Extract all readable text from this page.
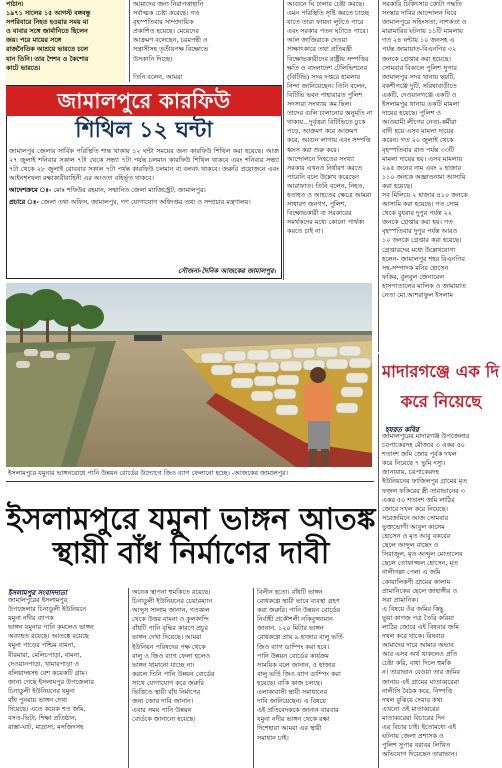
পাঠান।
১৯৭১ সালের ১৫ আগস্ট বঙ্গবন্ধু
সপরিবারে নিহত হওয়ার সময় মা
ও বাবার সঙ্গে জার্মানিতে ছিলেন
জয়। পরে মায়ের সঙ্গে
রাজনৈতিক আশ্রয়ে ভারতে চলে
যান তিনি। তার শৈশব ও কৈশোর
কাটে ভারতে।
আমাদের জন্য নিরাপত্তাহানি
সর্বাত্মক চেষ্টা করেছে। গত
বৃহস্পতিবার সাম্প্রদায়িক
প্রকাশিত হয়েছে। মেয়েদের
আক্রমণ বলেছেন, চরমপন্থী ও
সন্ত্রাসীসহ তৃতীয়পক্ষ বিক্ষোভে
উসকানি দিচ্ছে।

তিনি বলেন, আমরা
জামালপুরে কারফিউ
শিথিল ১২ ঘন্টা

জামালপুর জেলার সার্বিক পরিস্থিতি শান্ত থাকায় ১২ ঘন্টা সময়ের জন্য কারফিউ শিথিল করা হয়েছে। আজ ২৭ জুলাই শনিবার সকাল ৭টা থেকে সন্ধ্যা ৭টা পর্যন্ত চলমান কারফিউ শিথিল থাকবে এবং শনিবার সন্ধ্যা ৭টা থেকে ২৮ জুলাই রোববার সকাল ৭টা পর্যন্ত কারফিউ চলমান বা বলবৎ থাকবে। জরুরি প্রয়োজনে এবং আইনশৃংখলা রক্ষাকারীবাহিনী এর আওতা বহির্ভূত থাকবে।

আদেশক্রমে ঃ- মোঃ শফিউর রহমান, সম্মানিত জেলা ম্যাজিস্ট্রেট, জামালপুর।

প্রচারে ঃ- জেলা তথ্য অফিস, জামালপুর, গণ যোগাযোগ অধিদপ্তর তথ্য ও সম্প্রচার মন্ত্রণালয়।

সৌজন্য-দৈনিক আজকের জামালপুর।
আগুনে ঘি ঢালার চেষ্টা করছে।
এমন পরিস্থিতি সৃষ্টি করতে চাচ্ছে
যাতে তারা ফায়দা লুটতে পারে
এবং সরকার পতন ঘটাতে পারে।
আল জাজিরাকে দেওয়া
সাক্ষাৎকারে তথ্য প্রতিমন্ত্রী
বিক্ষোভকারীদের রাষ্ট্রীয় সম্পত্তির
ক্ষতি ও বাংলাদেশ টেলিভিশনের
(বিটিভি) সদর দপ্তরে হামলার
নিন্দা জানিয়েছেন। তিনি বলেন,
বিটিভি ভবন পাহারারত পুলিশ
সদস্যরা সংখ্যায় কম ছিল।
তাদের গুলি চালানোর অনুমতি না
থাকায়...দুর্বৃত্তরা বিটিভিতে ঢুকে
পড়ে, আক্রমণ করে আক্রমণ
করে, আগুন লাগায় এবং সম্পত্তি
ধ্বংস করা শুরু করে।
আন্দোলনে নিহতের সংখ্যা
সরকার এখনও নির্ধারণ করতে
পারেনি বলে উল্লেখ করেছেন
আরাফাত। তিনি বলেন, নিহত,
হতাহত ও আহতের ক্ষেত্রে আমরা
সাধারণ জনগণ, পুলিশ,
বিক্ষোভকারী বা সরকারের
সমর্থকদের মধ্যে কোনো পার্থক্য
করতে চাই না।
সরকারি চিকিৎসার কোটা পদ্ধতি
সংস্কার দাবির আন্দোলন ঘিরে
জামালপুরে সহিংসতা, নাশকতা ও
মারামারির ঘটনায় ১১টি মামলায়
গত ২৪ ঘন্টায় ১০ জনসহ এ
পর্যন্ত জামায়াত-বিএনপির ৩২
জনকে গ্রেপ্তার করা হয়েছে।
সোমবার বিকালে পুলিশ সুপার
জামালপুর সদর থানায় ছয়টি,
বকশীগঞ্জে দুটি, সরিষাবাড়ীতে
একটি, দেওয়ানগঞ্জে একটি ও
ইসলামপুর থানায় একটি মামলা
দায়ের হয়েছে। পুলিশ ও
আওয়ামী লীগের নেতা-কর্মীরা
বাদী হয়ে এসব মামলা দায়ের
করেন। গত ২০ জুলাই থেকে
বৃহস্পতিবার রাত পর্যন্ত ৩৩টি
মামলা দায়ের হয়। এসব মামলায়
২৯৫ জনের নাম এবং ২ হাজার
১১০ জনকে অজ্ঞাতনামা আসামি
করা হয়েছে।
সব মিলিয়ে ২ হাজার ৪১০ জনকে
আসামি করা হয়েছে। গত সোম
থেকে বুধবার দুপুর পর্যন্ত ২২
জনকে গ্রেপ্তার করা হয়। গত
বৃহস্পতিবার দুপুর পর্যন্ত আরও
১০ জনকে গ্রেপ্তার করা হয়েছে।
গ্রেপ্তারদের মধ্যে উল্লেখযোগ্য
হলেন- জামালপুর শহর বিএনপির
সহ-সম্পাদক মনির হোসেন
ফকির, বুলবুল জেনারেল
হাসপাতালের মালিক ও জামায়াত
নেতা মো.আশরাফুল ইসলাম
ইসলামপুরে যমুনার ভাঙ্গনরোধে পানি উন্নয়ন বোর্ডের উদ্যোগে জিও ব্যাগ ফেলানো হচ্ছে। -আজকের জামালপুর।
মাদারগঞ্জে এক দি
করে নিয়েছে
হযরত কবির
জামালপুরের মাদারগঞ্জ উপজেলার
চরপাকেরদহ মৌজার ৩ একর ৫০
শতাংশ জমি জোর পূর্বক দখল
করে নিয়েছে ৭ ভুমি দস্যু।
জানাযায়, চরপাকেরদহ
ইউনিয়নের ফাজিলপুর গ্রামের মৃত
ফজল ফকিরের স্ত্রী তারাভানের ৩
একর ৫০ শতাংশ জমি লাঠির
জোরে দখল করে নিয়েছে।
সরেজমিনে আজ সোমবার
ভুক্তভোগী আবুল কাসেম
হোসেন ও মৃত আবু বকরের
ছেলে আব্দুল বাছেদ ও
সিরাজুল, মৃত আব্দুল মোতালেব
ছেলে তোফাজ্জল হোসেন, মৃত
নালীগল্লা পেলা এ জমি
কোয়ালিকণী গ্রামের কালাম
প্রামানিকের ছেলে জাহাঙ্গীর ও
সবা প্রামানিক।
এ বিষয়ে ওঁর জমির কিছু
ভুয়া কাগজ পত্র তৈরি করিয়া
লাঠির জোরে এই বিষবার জমি
দখল করে থাকে। বিষবার
আমাদের দারে আমার অভাব
আর এসব অর্থ থাকলেও প্রতি
চেষ্টা করি, বাধা দিলে হুমকি
ন। তারাভান বেওয়া তার জমির
জানায় এই গ্রামের মাতাব্বরেরা
নালীসি বৈঠক করে, নিষ্পত্তি
দখল বুঝিয়ে দেয়ার কথা
এখনো ওই মাতাব্বরের
মাতাব্বরেরা বিচারের দিন
এর বিচার চাই। ইতোমধ্যে এই
ঘটনায় জেলা প্রশাসক ও
পুলিশ সুপার বরাবর লিখিত
অভিযোগ দিয়েছেন তারাভান।
ইসলামপুরে যমুনা ভাঙ্গন আতঙ্ক
স্থায়ী বাঁধ নির্মাণের দাবী
ইসলামপুর সংবাদদাতা
জামালপুরের ইসলামপুর
উপজেলার চিনাডুলী ইউনিয়নে
যমুনা নদীর ব্যাপক
ভাঙ্গন যমুনার পানি কমলেও ভাঙ্গন
অব্যাহত রয়েছে। আতঙ্কে রয়েছে
যমুনা পাড়ের পশ্চিম বামনা,
বীরমারা, মেলিচপাড়া, বামনা,
দেওয়ানপাড়া, খামারপাড়া ও
বলিয়াদহসহ বেশ কয়েকটি গ্রাম।
জানা গেছে ইসলামপুর উপজেলার
চিনাডুলী ইউনিয়নের যমুনা
বাঁধ পুনরায় ভাঙ্গন দেখা
দিয়েছে। এতে কয়েক শত জমি,
বসত-ভিটা, শিক্ষা প্রতিষ্ঠান,
রাস্তা-ঘাট, মাদ্রাসা, মসজিদসহ
অনেক স্থাপনা হুমকিতে রয়েছে।
চিনাডুলী ইউনিয়নের চেয়ারম্যান
আব্দুস সালাম জানান, গতকাল
থেকে উত্তর বামনা ও কুলকান্দি
বাঁধটি পানি বৃদ্ধির কারণে প্রচুর
ভাঙ্গন দেখা দিয়েছে। আমরা
ইউনিয়ন পরিষদের পক্ষ থেকে
বালু ও জিও ব্যাগ ফেলা হলেও
ভাঙ্গন থামানো যাচ্ছে না।
করলে তিনি পানি উন্নয়ন বোর্ডের
সাথে যোগাযোগ করে জরুরি
ভিত্তিতে স্থায়ী বাঁধ নির্মাণের
জন্য জোর দাবি জানান।
এবার সময় পানি উন্নয়ন
বোর্ডকে জানানো হয়েছে।
বিলীন হতো। বাঁধটি ভাঙ্গন
রোধকল্পে স্থায়ী ভাবে ব্যবস্থা গ্রহণ
করা জরুরি। পানি উন্নয়ন বোর্ডের
নির্বাহী প্রকৌশলী নকিবুজ্জামান
জানান, ১২০ মিটার ভাঙ্গন
রোধকল্পে প্রায় ৯ হাজার বালু ভর্তি
জিও ব্যাগ ডাম্পিং করা হবে।
পানি উন্নয়ন বোর্ডের কার্যক্রম
সাময়িক বলে জানান, ৫ হাজার
বালু ভর্তি জিও ব্যাগ ডাম্পিং করা
হয়েছে। বাকি কাজ চলছে।
এলাকাবাসী স্থায়ী সমাধানের
দাবি জানিয়েছেন। এ বিষয়ে
এই প্রতিবেদককে জানান বারবার
যমুনা নদীর ভাঙ্গন থেকে রক্ষা
দিশেহারা আমরা এর স্থায়ী
সমাধান চাই।
